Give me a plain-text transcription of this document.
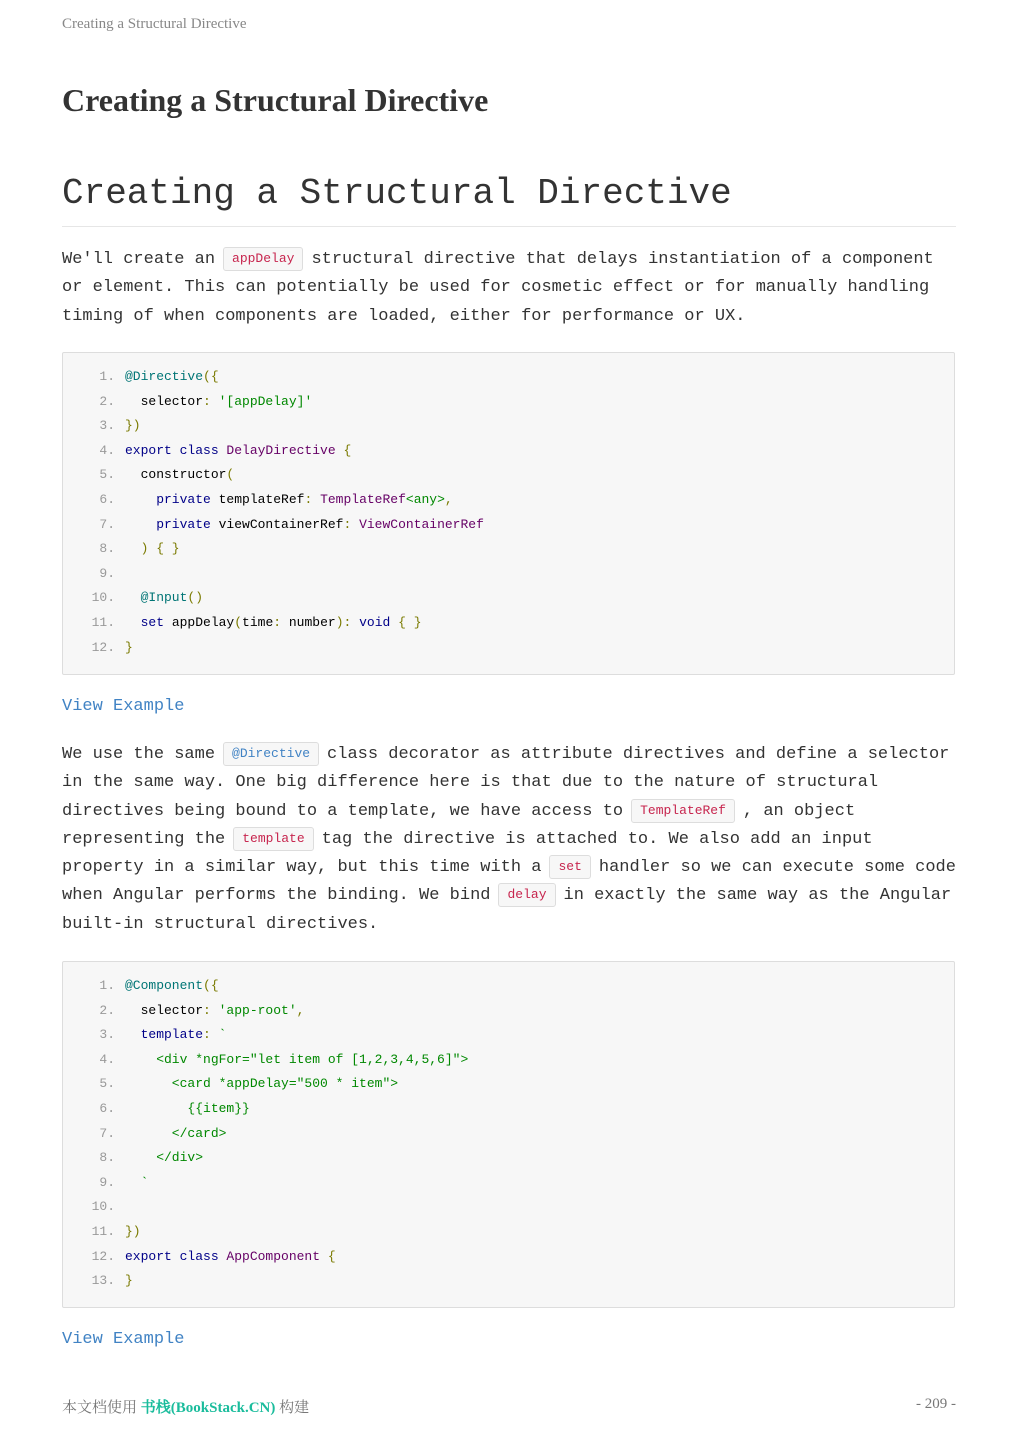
Creating a Structural Directive
Creating a Structural Directive
Creating a Structural Directive

We'll create an appDelay structural directive that delays instantiation of a component or element. This can potentially be used for cosmetic effect or for manually handling timing of when components are loaded, either for performance or UX.

1. @Directive({
2.  selector: '[appDelay]'
3. })
4. export class DelayDirective {
5.  constructor(
6.    private templateRef: TemplateRef<any>,
7.    private viewContainerRef: ViewContainerRef
8.  ) { }
9.
10.  @Input()
11.  set appDelay(time: number): void { }
12. }
View Example

We use the same @Directive class decorator as attribute directives and define a selector in the same way. One big difference here is that due to the nature of structural directives being bound to a template, we have access to TemplateRef , an object representing the template tag the directive is attached to. We also add an input property in a similar way, but this time with a set handler so we can execute some code when Angular performs the binding. We bind delay in exactly the same way as the Angular built-in structural directives.

1. @Component({
2.  selector: 'app-root',
3.  template: `
4.    <div *ngFor="let item of [1,2,3,4,5,6]">
5.      <card *appDelay="500 * item">
6.        {{item}}
7.      </card>
8.    </div>
9.  `
10.
11. })
12. export class AppComponent {
13. }
View Example
本文档使用 书栈(BookStack.CN) 构建	- 209 -
